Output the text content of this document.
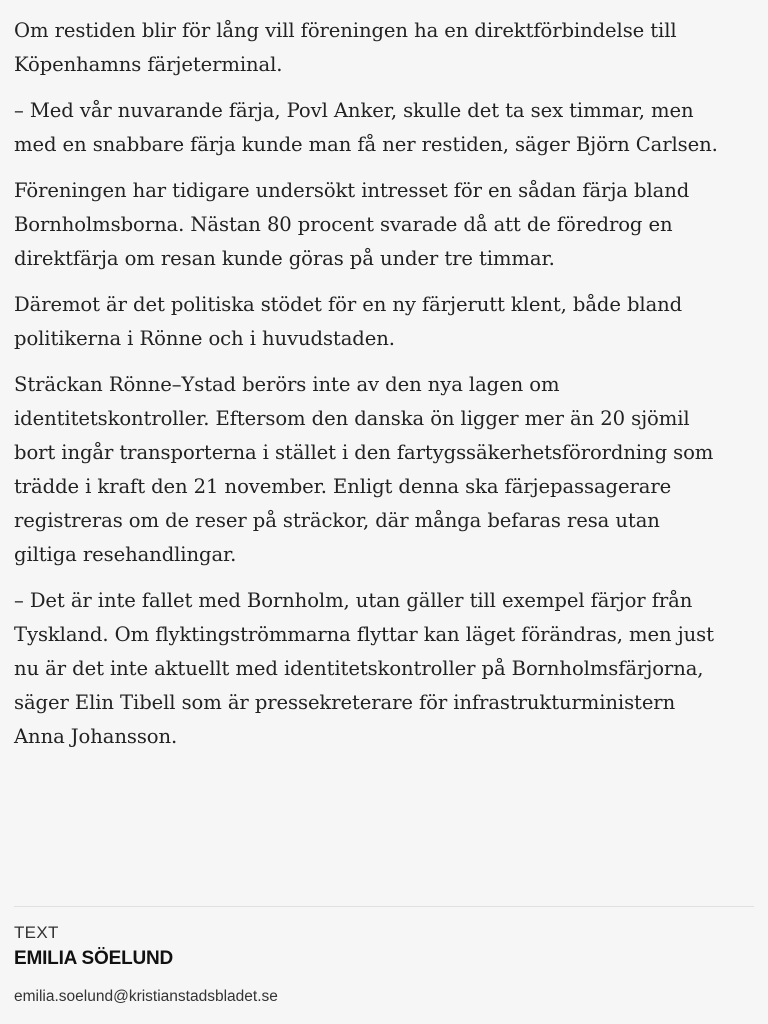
Om restiden blir för lång vill föreningen ha en direktförbindelse till Köpenhamns färjeterminal.

– Med vår nuvarande färja, Povl Anker, skulle det ta sex timmar, men med en snabbare färja kunde man få ner restiden, säger Björn Carlsen.

Föreningen har tidigare undersökt intresset för en sådan färja bland Bornholmsborna. Nästan 80 procent svarade då att de föredrog en direktfärja om resan kunde göras på under tre timmar.

Däremot är det politiska stödet för en ny färjerutt klent, både bland politikerna i Rönne och i huvudstaden.

Sträckan Rönne–Ystad berörs inte av den nya lagen om identitetskontroller. Eftersom den danska ön ligger mer än 20 sjömil bort ingår transporterna i stället i den fartygssäkerhetsförordning som trädde i kraft den 21 november. Enligt denna ska färjepassagerare registreras om de reser på sträckor, där många befaras resa utan giltiga resehandlingar.

– Det är inte fallet med Bornholm, utan gäller till exempel färjor från Tyskland. Om flyktingströmmarna flyttar kan läget förändras, men just nu är det inte aktuellt med identitetskontroller på Bornholmsfärjorna, säger Elin Tibell som är pressekreterare för infrastrukturministern Anna Johansson.

TEXT
EMILIA SÖELUND
emilia.soelund@kristianstadsbladet.se
